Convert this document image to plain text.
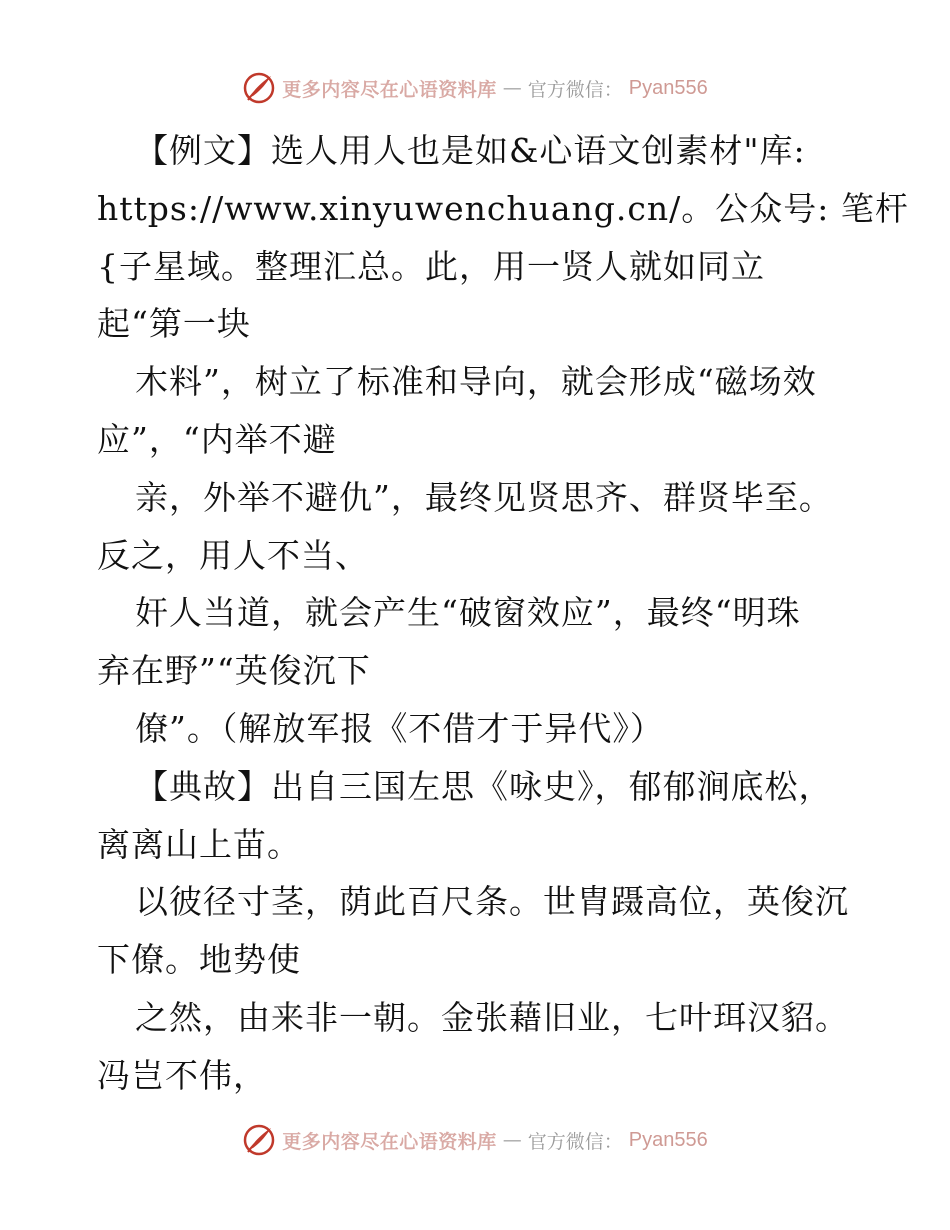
更多内容尽在心语资料库 — 官方微信： Pyan556
【例文】选人用人也是如&心语文创素材"库:
https://www.xinyuwenchuang.cn/。公众号: 笔杆
{子星域。整理汇总。此，用一贤人就如同立
起“第一块
木料”，树立了标准和导向，就会形成“磁场效
应”，“内举不避
亲，外举不避仇”，最终见贤思齐、群贤毕至。
反之，用人不当、
奸人当道，就会产生“破窗效应”，最终“明珠
弃在野”“英俊沉下
僚”。（解放军报《不借才于异代》）
【典故】出自三国左思《咏史》，郁郁涧底松，
离离山上苗。
以彼径寸茎，荫此百尺条。世胄蹑高位，英俊沉
下僚。地势使
之然，由来非一朝。金张藉旧业，七叶珥汉貂。
冯岂不伟，
更多内容尽在心语资料库 — 官方微信： Pyan556
